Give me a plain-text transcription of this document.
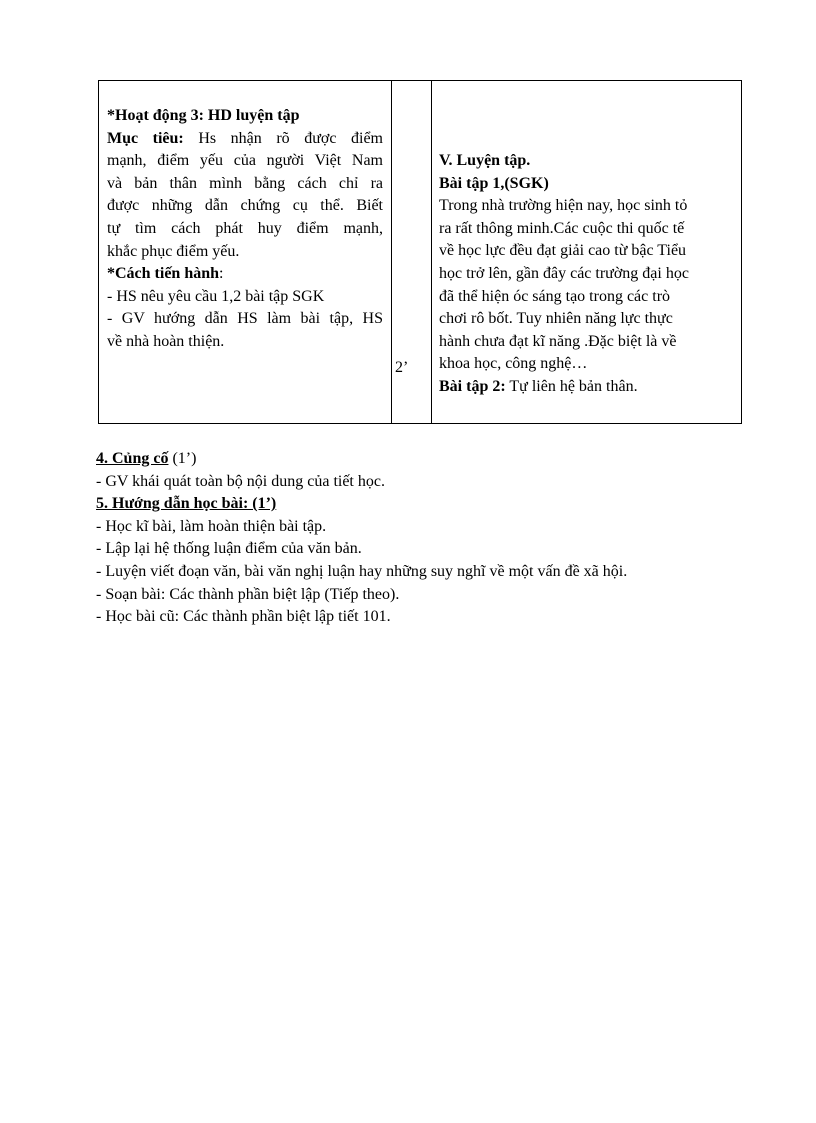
*Hoạt động 3: HD luyện tập
Mục tiêu: Hs nhận rõ được điểm
mạnh, điểm yếu của người Việt Nam
và bản thân mình bằng cách chỉ ra
được những dẫn chứng cụ thể. Biết
tự tìm cách phát huy điểm mạnh,
khắc phục điểm yếu.
*Cách tiến hành:
- HS nêu yêu cầu 1,2 bài tập SGK
- GV hướng dẫn HS làm bài tập, HS
về nhà hoàn thiện.
2’
V. Luyện tập.
Bài tập 1,(SGK)
Trong nhà trường hiện nay, học sinh tỏ
ra rất thông minh.Các cuộc thi quốc tế
về học lực đều đạt giải cao từ bậc Tiểu
học trở lên, gần đây các trường đại học
đã thể hiện óc sáng tạo trong các trò
chơi rô bốt. Tuy nhiên năng lực thực
hành chưa đạt kĩ năng .Đặc biệt là về
khoa học, công nghệ…
Bài tập 2: Tự liên hệ bản thân.
4. Củng cố (1’)
- GV khái quát toàn bộ nội dung của tiết học.
5. Hướng dẫn học bài: (1’)
- Học kĩ bài, làm hoàn thiện bài tập.
- Lập lại hệ thống luận điểm của văn bản.
- Luyện viết đoạn văn, bài văn nghị luận hay những suy nghĩ về một vấn đề xã hội.
- Soạn bài: Các thành phần biệt lập (Tiếp theo).
- Học bài cũ: Các thành phần biệt lập tiết 101.
